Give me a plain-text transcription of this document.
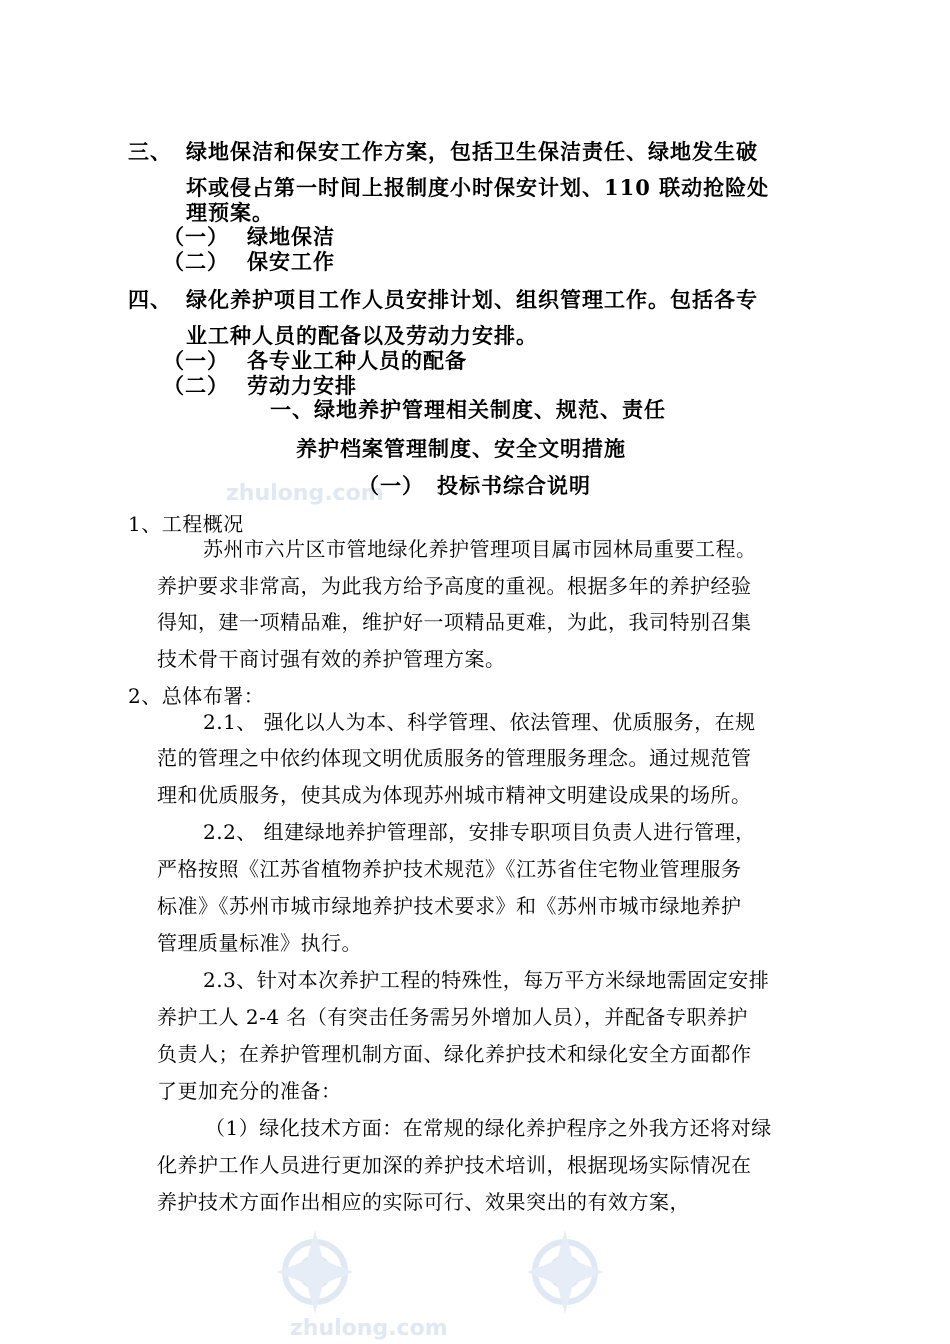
zhulong.com
zhulong.com
三、 绿地保洁和保安工作方案，包括卫生保洁责任、绿地发生破
坏或侵占第一时间上报制度小时保安计划、110 联动抢险处
理预案。
（一） 绿地保洁
（二） 保安工作
四、 绿化养护项目工作人员安排计划、组织管理工作。包括各专
业工种人员的配备以及劳动力安排。
（一） 各专业工种人员的配备
（二） 劳动力安排
一、绿地养护管理相关制度、规范、责任
养护档案管理制度、安全文明措施
（一） 投标书综合说明
1、工程概况
苏州市六片区市管地绿化养护管理项目属市园林局重要工程。
养护要求非常高，为此我方给予高度的重视。根据多年的养护经验
得知，建一项精品难，维护好一项精品更难，为此，我司特别召集
技术骨干商讨强有效的养护管理方案。
2、总体布署：
2.1、 强化以人为本、科学管理、依法管理、优质服务，在规
范的管理之中依约体现文明优质服务的管理服务理念。通过规范管
理和优质服务，使其成为体现苏州城市精神文明建设成果的场所。
2.2、 组建绿地养护管理部，安排专职项目负责人进行管理，
严格按照《江苏省植物养护技术规范》《江苏省住宅物业管理服务
标准》《苏州市城市绿地养护技术要求》和《苏州市城市绿地养护
管理质量标准》执行。
2.3、针对本次养护工程的特殊性，每万平方米绿地需固定安排
养护工人 2-4 名（有突击任务需另外增加人员），并配备专职养护
负责人；在养护管理机制方面、绿化养护技术和绿化安全方面都作
了更加充分的准备：
（1）绿化技术方面：在常规的绿化养护程序之外我方还将对绿
化养护工作人员进行更加深的养护技术培训，根据现场实际情况在
养护技术方面作出相应的实际可行、效果突出的有效方案，
